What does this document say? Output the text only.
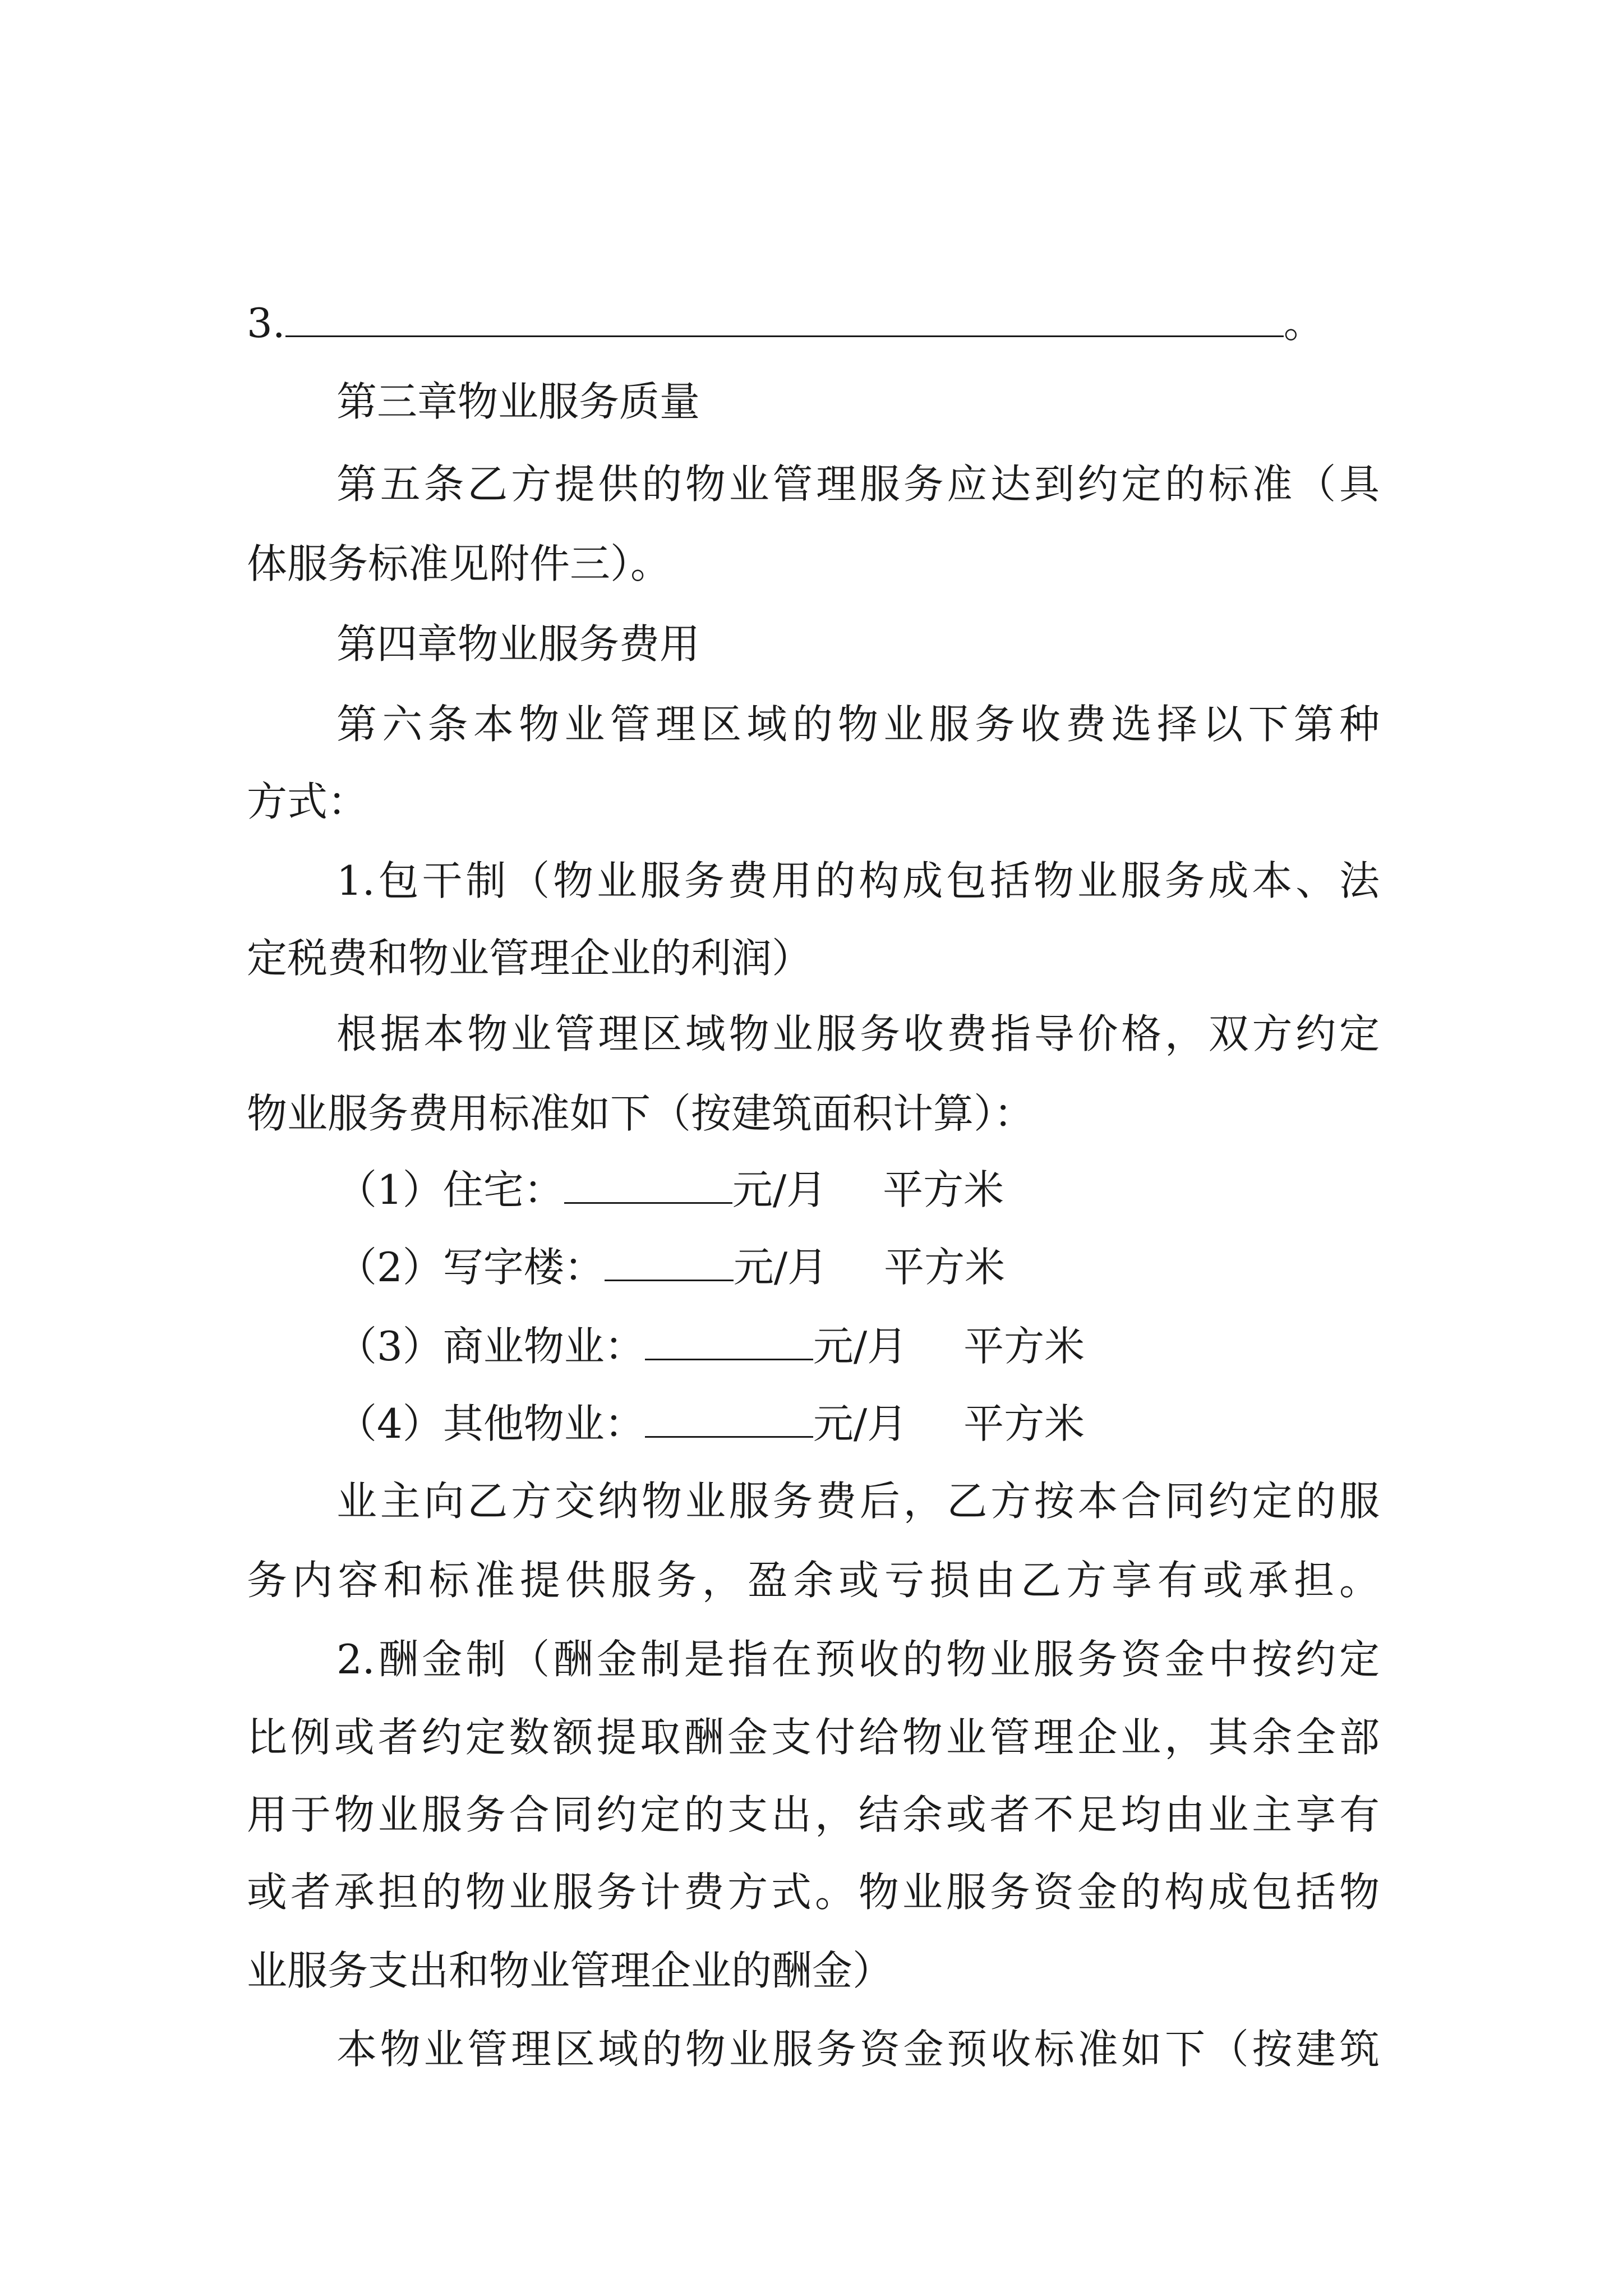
3.	。
第三章物业服务质量
第五条乙方提供的物业管理服务应达到约定的标准（具
体服务标准见附件三）。
第四章物业服务费用
第六条本物业管理区域的物业服务收费选择以下第种
方式：
1.包干制（物业服务费用的构成包括物业服务成本、法
定税费和物业管理企业的利润）
根据本物业管理区域物业服务收费指导价格，双方约定
物业服务费用标准如下（按建筑面积计算）：
（1）住宅：	元/月 平方米
（2）写字楼：	元/月 平方米
（3）商业物业：	元/月 平方米
（4）其他物业：	元/月 平方米
业主向乙方交纳物业服务费后，乙方按本合同约定的服
务内容和标准提供服务，盈余或亏损由乙方享有或承担。
2.酬金制（酬金制是指在预收的物业服务资金中按约定
比例或者约定数额提取酬金支付给物业管理企业，其余全部
用于物业服务合同约定的支出，结余或者不足均由业主享有
或者承担的物业服务计费方式。物业服务资金的构成包括物
业服务支出和物业管理企业的酬金）
本物业管理区域的物业服务资金预收标准如下（按建筑
